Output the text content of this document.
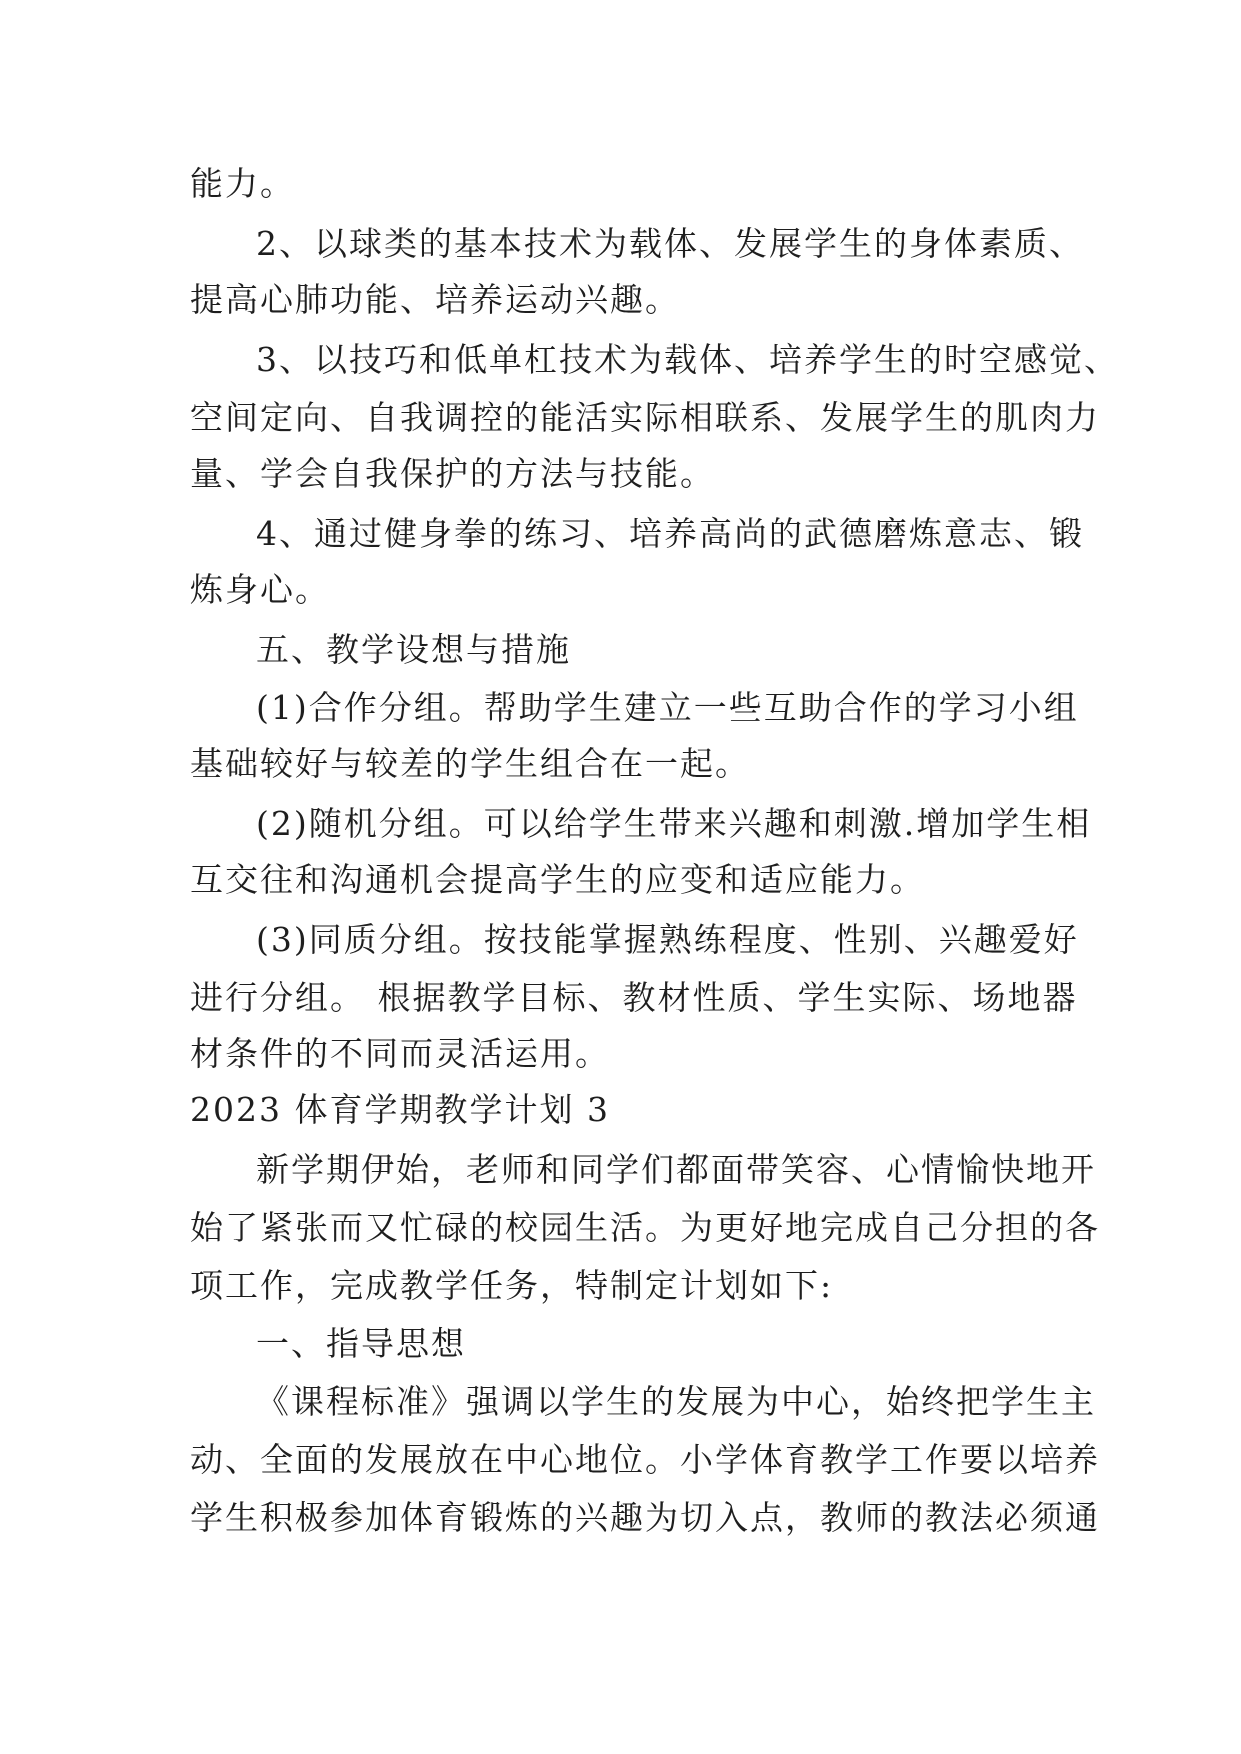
能力。
2、以球类的基本技术为载体、发展学生的身体素质、
提高心肺功能、培养运动兴趣。
3、以技巧和低单杠技术为载体、培养学生的时空感觉、
空间定向、自我调控的能活实际相联系、发展学生的肌肉力
量、学会自我保护的方法与技能。
4、通过健身拳的练习、培养高尚的武德磨炼意志、锻
炼身心。
五、教学设想与措施
(1)合作分组。帮助学生建立一些互助合作的学习小组
基础较好与较差的学生组合在一起。
(2)随机分组。可以给学生带来兴趣和刺激.增加学生相
互交往和沟通机会提高学生的应变和适应能力。
(3)同质分组。按技能掌握熟练程度、性别、兴趣爱好
进行分组。 根据教学目标、教材性质、学生实际、场地器
材条件的不同而灵活运用。
2023 体育学期教学计划 3
新学期伊始，老师和同学们都面带笑容、心情愉快地开
始了紧张而又忙碌的校园生活。为更好地完成自己分担的各
项工作，完成教学任务，特制定计划如下:
一、指导思想
《课程标准》强调以学生的发展为中心，始终把学生主
动、全面的发展放在中心地位。小学体育教学工作要以培养
学生积极参加体育锻炼的兴趣为切入点，教师的教法必须通
